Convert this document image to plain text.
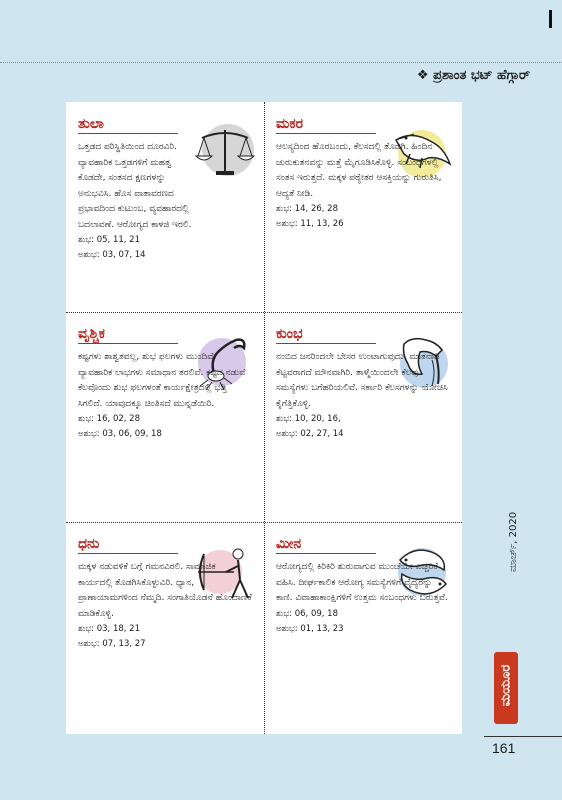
❖ ಪ್ರಶಾಂತ ಭಟ್ ಹೆಗ್ಗಾರ್
ತುಲಾ
ಒತ್ತಡದ ಪರಿಸ್ಥಿತಿಯಿಂದ ದೂರವಿರಿ. ವ್ಯಾವಹಾರಿಕ ಒತ್ತಡಗಳಿಗೆ ಮಹತ್ವ ಕೊಡದೇ, ಸಂತಸದ ಕ್ಷಣಗಳನ್ನು ಅನುಭವಿಸಿ. ಹೊಸ ವಾತಾವರಣದ ಪ್ರಭಾವದಿಂದ ಕುಟುಂಬ, ವ್ಯವಹಾರದಲ್ಲಿ ಬದಲಾವಣೆ. ಆರೋಗ್ಯದ ಕಾಳಜಿ ಇರಲಿ.
ಶುಭ: 05, 11, 21
ಅಶುಭ: 03, 07, 14
ಮಕರ
ಆಲಸ್ಯದಿಂದ ಹೊರಬಂದು, ಕೆಲಸದಲ್ಲಿ ತೊಡಗಿ. ಹಿಂದಿನ ಚುರುಕುತನವನ್ನು ಮತ್ತೆ ಮೈಗೂಡಿಸಿಕೊಳ್ಳಿ. ಸಂಬಂಧಗಳಲ್ಲಿ ಸಂತಸ ಇರುತ್ತದೆ. ಮಕ್ಕಳ ಪಠ್ಯೇತರ ಆಸಕ್ತಿಯನ್ನು ಗುರುತಿಸಿ, ಆದ್ಯತೆ ನೀಡಿ.
ಶುಭ: 14, 26, 28
ಅಶುಭ: 11, 13, 26
ವೃಶ್ಚಿಕ
ಕಷ್ಟಗಳು ಶಾಶ್ವತವಲ್ಲ, ಶುಭ ಫಲಗಳು ಮುಂದಿವೆ. ವ್ಯಾವಹಾರಿಕ ಲಾಭಗಳು ಸಮಾಧಾನ ತರಲಿವೆ. ಕಷ್ಟದ ನಡುವೆ ಕೆಲವೊಂದು ಶುಭ ಫಲಗಳಂತೆ ಕಾರ್ಯಕ್ಷೇತ್ರದಲ್ಲಿ ಭಡ್ತಿ ಸಿಗಲಿದೆ. ಯಾವುದಕ್ಕೂ ಚಿಂತಿಸದೆ ಮುನ್ನಡೆಯಿರಿ.
ಶುಭ: 16, 02, 28
ಅಶುಭ: 03, 06, 09, 18
ಕುಂಭ
ನಂಬಿದ ಜನರಿಂದಲೇ ಬೇಸರ ಉಂಟಾಗುವುದು. ಮಾತನಾಡಿ ಕೆಟ್ಟವರಾಗದೆ ಮೌನವಾಗಿರಿ. ತಾಳ್ಮೆಯಿಂದಲೇ ಕೆಲವು ಸಮಸ್ಯೆಗಳು ಬಗೆಹರಿಯಲಿವೆ. ಸರ್ಕಾರಿ ಕೆಲಸಗಳನ್ನು ಯೋಚಿಸಿ ಕೈಗೆತ್ತಿಕೊಳ್ಳಿ.
ಶುಭ: 10, 20, 16,
ಅಶುಭ: 02, 27, 14
ಧನು
ಮಕ್ಕಳ ನಡುವಳಿಕೆ ಬಗ್ಗೆ ಗಮನವಿರಲಿ. ಸಾಮಾಜಿಕ ಕಾರ್ಯದಲ್ಲಿ ತೊಡಗಿಸಿಕೊಳ್ಳುವಿರಿ. ಧ್ಯಾನ, ಪ್ರಾಣಾಯಾಮಗಳಿಂದ ನೆಮ್ಮದಿ. ಸಂಗಾತಿಯೊಡನೆ ಹೊಂದಾಣಿಕೆ ಮಾಡಿಕೊಳ್ಳಿ.
ಶುಭ: 03, 18, 21
ಅಶುಭ: 07, 13, 27
ಮೀನ
ಆರೋಗ್ಯದಲ್ಲಿ ಕಿರಿಕಿರಿ ಶುರುವಾಗುವ ಮುಂಚೆಯೇ ಎಚ್ಚರಿಕೆ ವಹಿಸಿ. ದೀರ್ಘಕಾಲಿಕ ಆರೋಗ್ಯ ಸಮಸ್ಯೆಗಳಿಗೆ ವೈದ್ಯರನ್ನು ಕಾಣಿ. ವಿವಾಹಾಕಾಂಕ್ಷಿಗಳಿಗೆ ಉತ್ತಮ ಸಂಬಂಧಗಳು ಬರುತ್ತವೆ.
ಶುಭ: 06, 09, 18
ಅಶುಭ: 01, 13, 23
ಮಾರ್ಚ್, 2020
ಮಯೂರ
161
